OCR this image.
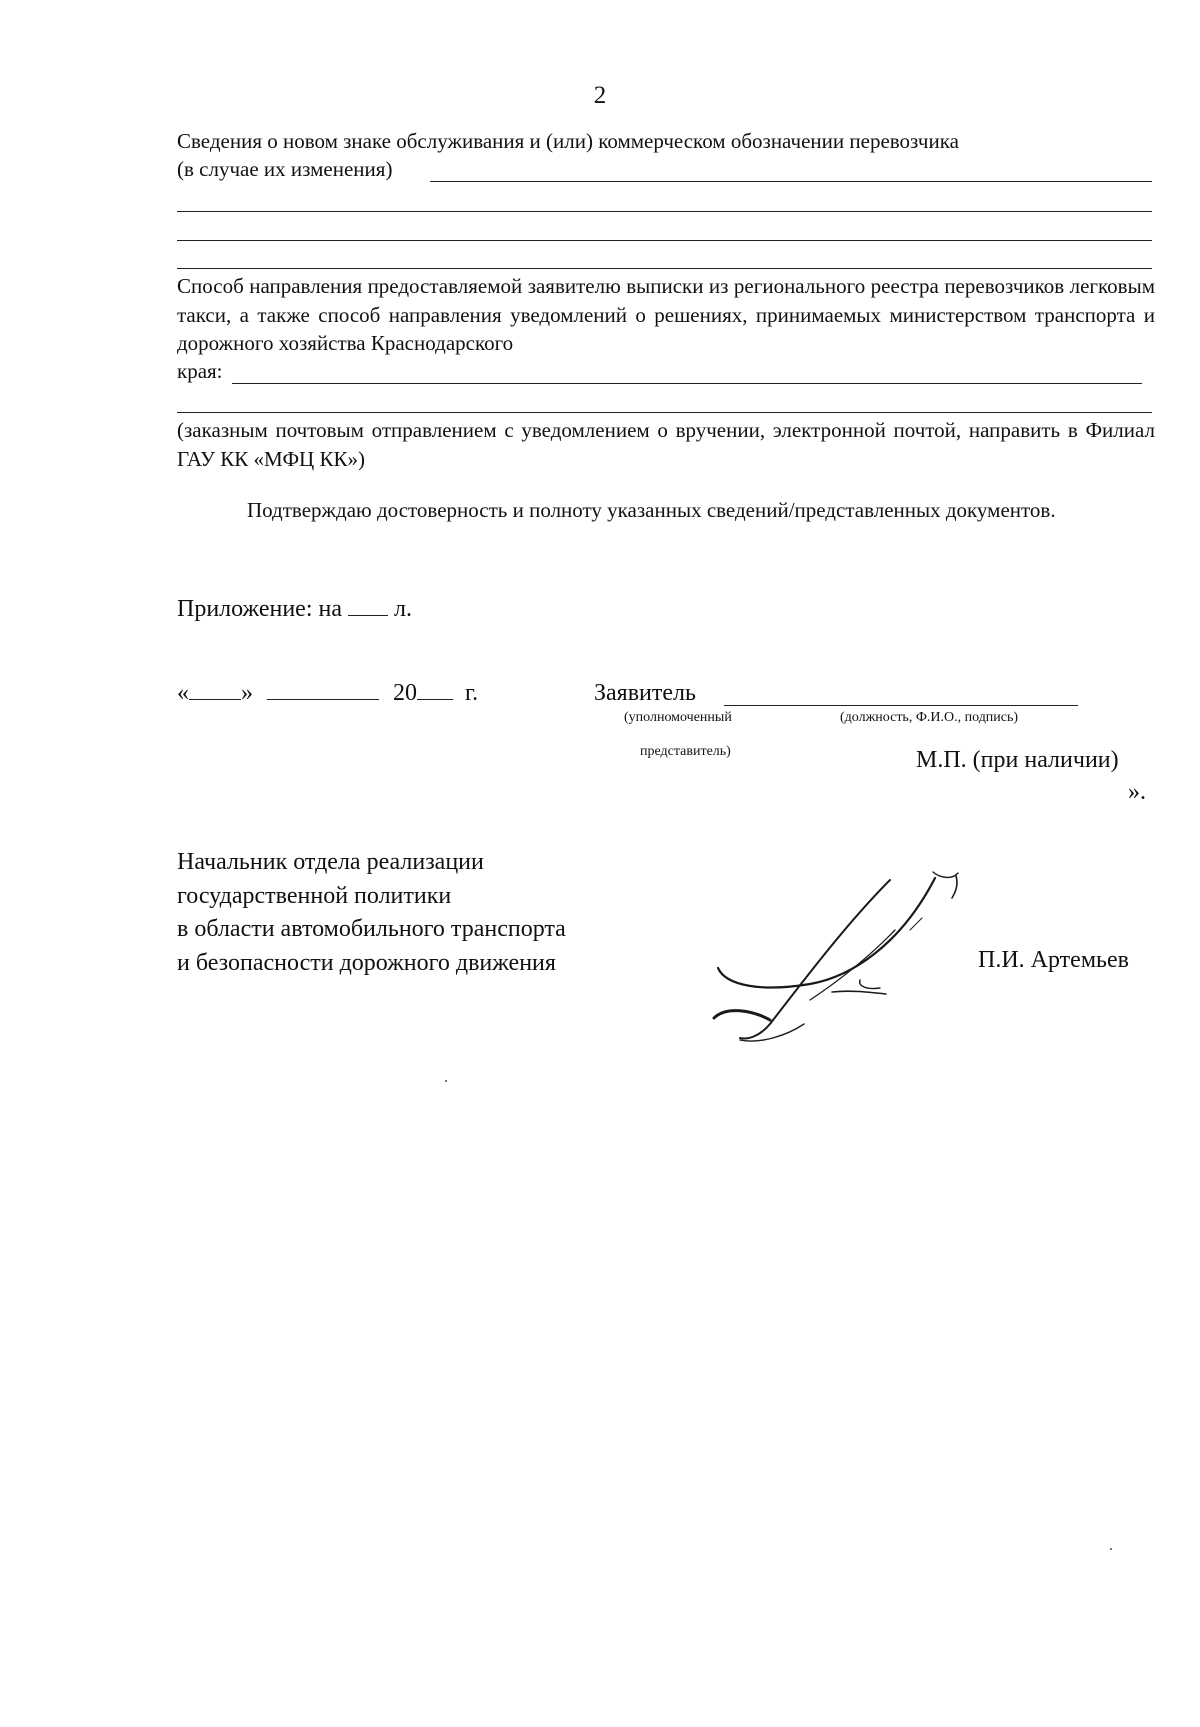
2
Сведения о новом знаке обслуживания и (или) коммерческом обозначении перевозчика
(в случае их изменения)
Способ направления предоставляемой заявителю выписки из регионального реестра перевозчиков легковым такси, а также способ направления уведомлений о решениях, принимаемых министерством транспорта и дорожного хозяйства Краснодарского
края:
(заказным почтовым отправлением с уведомлением о вручении, электронной почтой, направить в Филиал ГАУ КК «МФЦ КК»)
Подтверждаю достоверность и полноту указанных сведений/представленных документов.
Приложение: на л.
« »	20 г.	Заявитель
(уполномоченный	(должность, Ф.И.О., подпись)
представитель)	М.П. (при наличии)
».
Начальник отдела реализации
государственной политики
в области автомобильного транспорта
и безопасности дорожного движения	П.И. Артемьев
